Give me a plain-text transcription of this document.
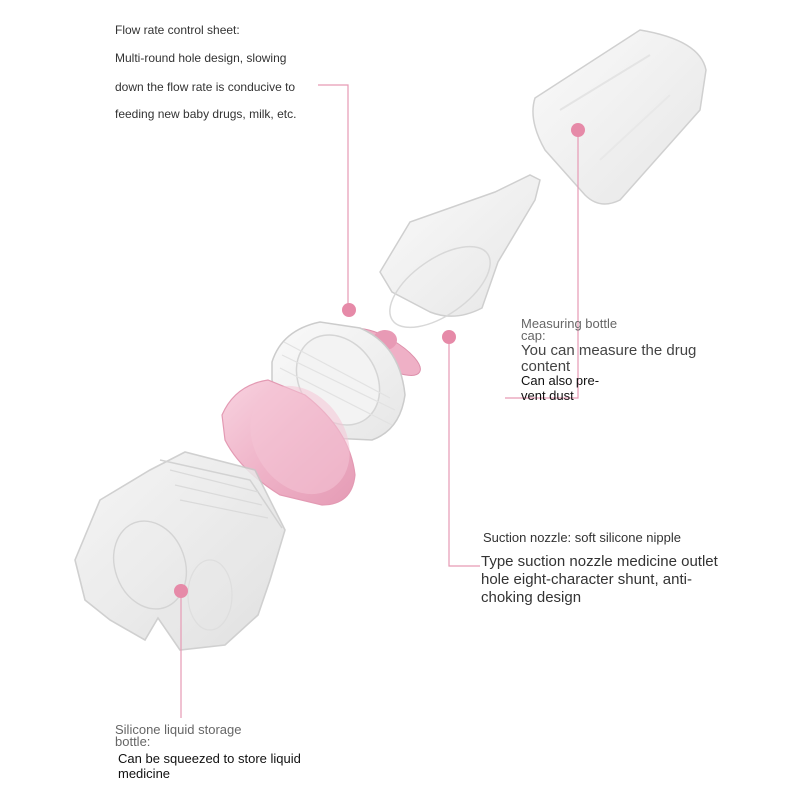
Flow rate control sheet:
Multi-round hole design, slowing
down the flow rate is conducive to
feeding new baby drugs, milk, etc.
Measuring bottle cap:
You can measure the drug content
Can also pre- vent dust
Suction nozzle: soft silicone nipple
Type suction nozzle medicine outlet hole eight-character shunt, anti-choking design
Silicone liquid storage bottle:
Can be squeezed to store liquid medicine
